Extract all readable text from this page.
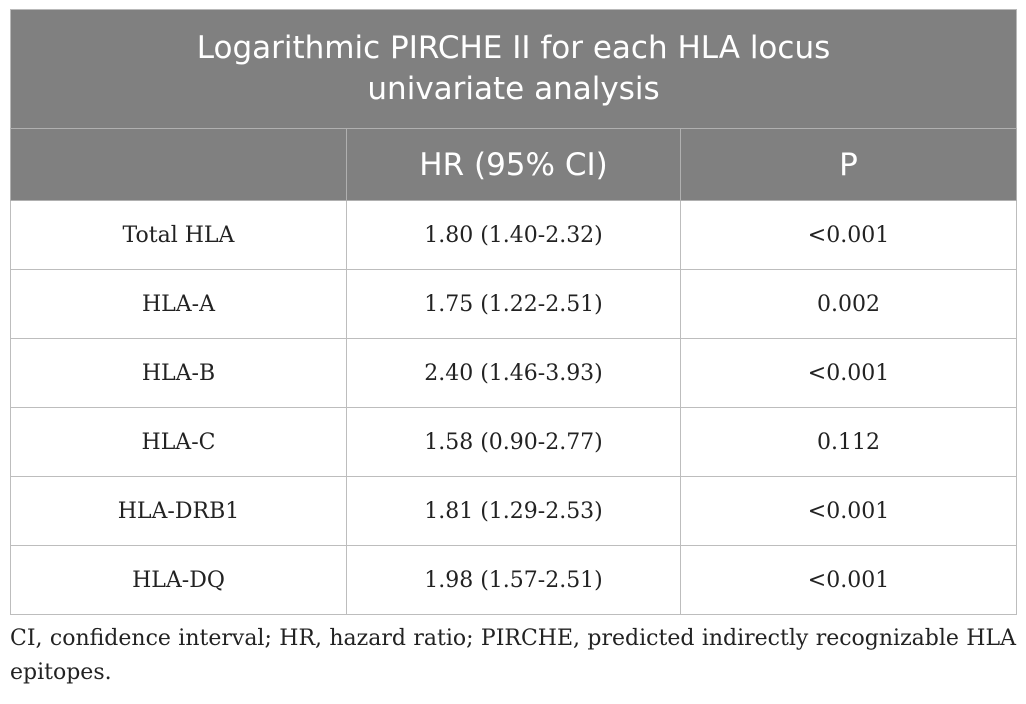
Logarithmic PIRCHE II for each HLA locus
univariate analysis		
	HR (95% CI)	P
Total HLA	1.80 (1.40-2.32)	<0.001
HLA-A	1.75 (1.22-2.51)	0.002
HLA-B	2.40 (1.46-3.93)	<0.001
HLA-C	1.58 (0.90-2.77)	0.112
HLA-DRB1	1.81 (1.29-2.53)	<0.001
HLA-DQ	1.98 (1.57-2.51)	<0.001
CI, confidence interval; HR, hazard ratio; PIRCHE, predicted indirectly recognizable HLA epitopes.
